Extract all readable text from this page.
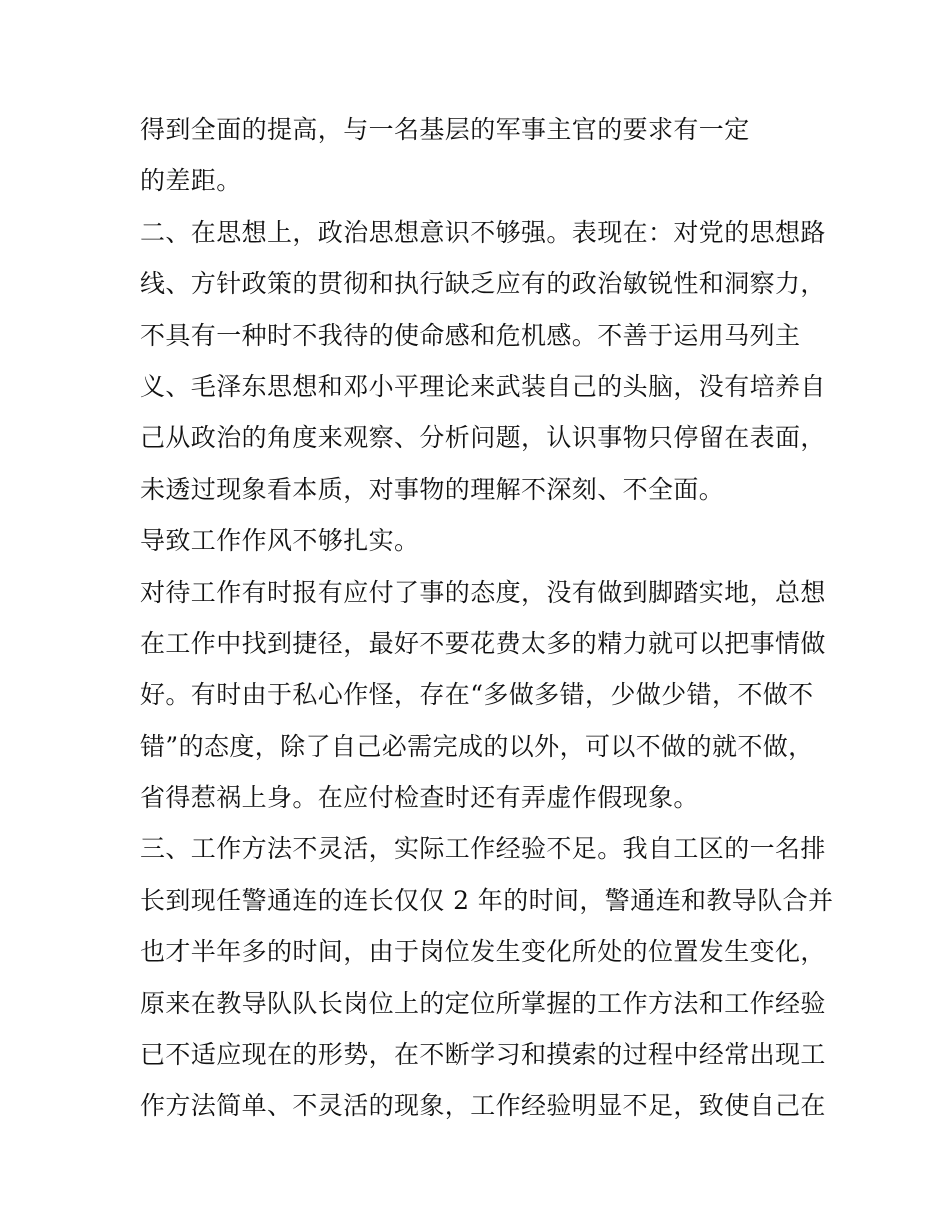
得到全面的提高，与一名基层的军事主官的要求有一定
的差距。
二、在思想上，政治思想意识不够强。表现在：对党的思想路
线、方针政策的贯彻和执行缺乏应有的政治敏锐性和洞察力，
不具有一种时不我待的使命感和危机感。不善于运用马列主
义、毛泽东思想和邓小平理论来武装自己的头脑，没有培养自
己从政治的角度来观察、分析问题，认识事物只停留在表面，
未透过现象看本质，对事物的理解不深刻、不全面。
导致工作作风不够扎实。
对待工作有时报有应付了事的态度，没有做到脚踏实地，总想
在工作中找到捷径，最好不要花费太多的精力就可以把事情做
好。有时由于私心作怪，存在“多做多错，少做少错，不做不
错”的态度，除了自己必需完成的以外，可以不做的就不做，
省得惹祸上身。在应付检查时还有弄虚作假现象。
三、工作方法不灵活，实际工作经验不足。我自工区的一名排
长到现任警通连的连长仅仅 2 年的时间，警通连和教导队合并
也才半年多的时间，由于岗位发生变化所处的位置发生变化，
原来在教导队队长岗位上的定位所掌握的工作方法和工作经验
已不适应现在的形势，在不断学习和摸索的过程中经常出现工
作方法简单、不灵活的现象，工作经验明显不足，致使自己在
